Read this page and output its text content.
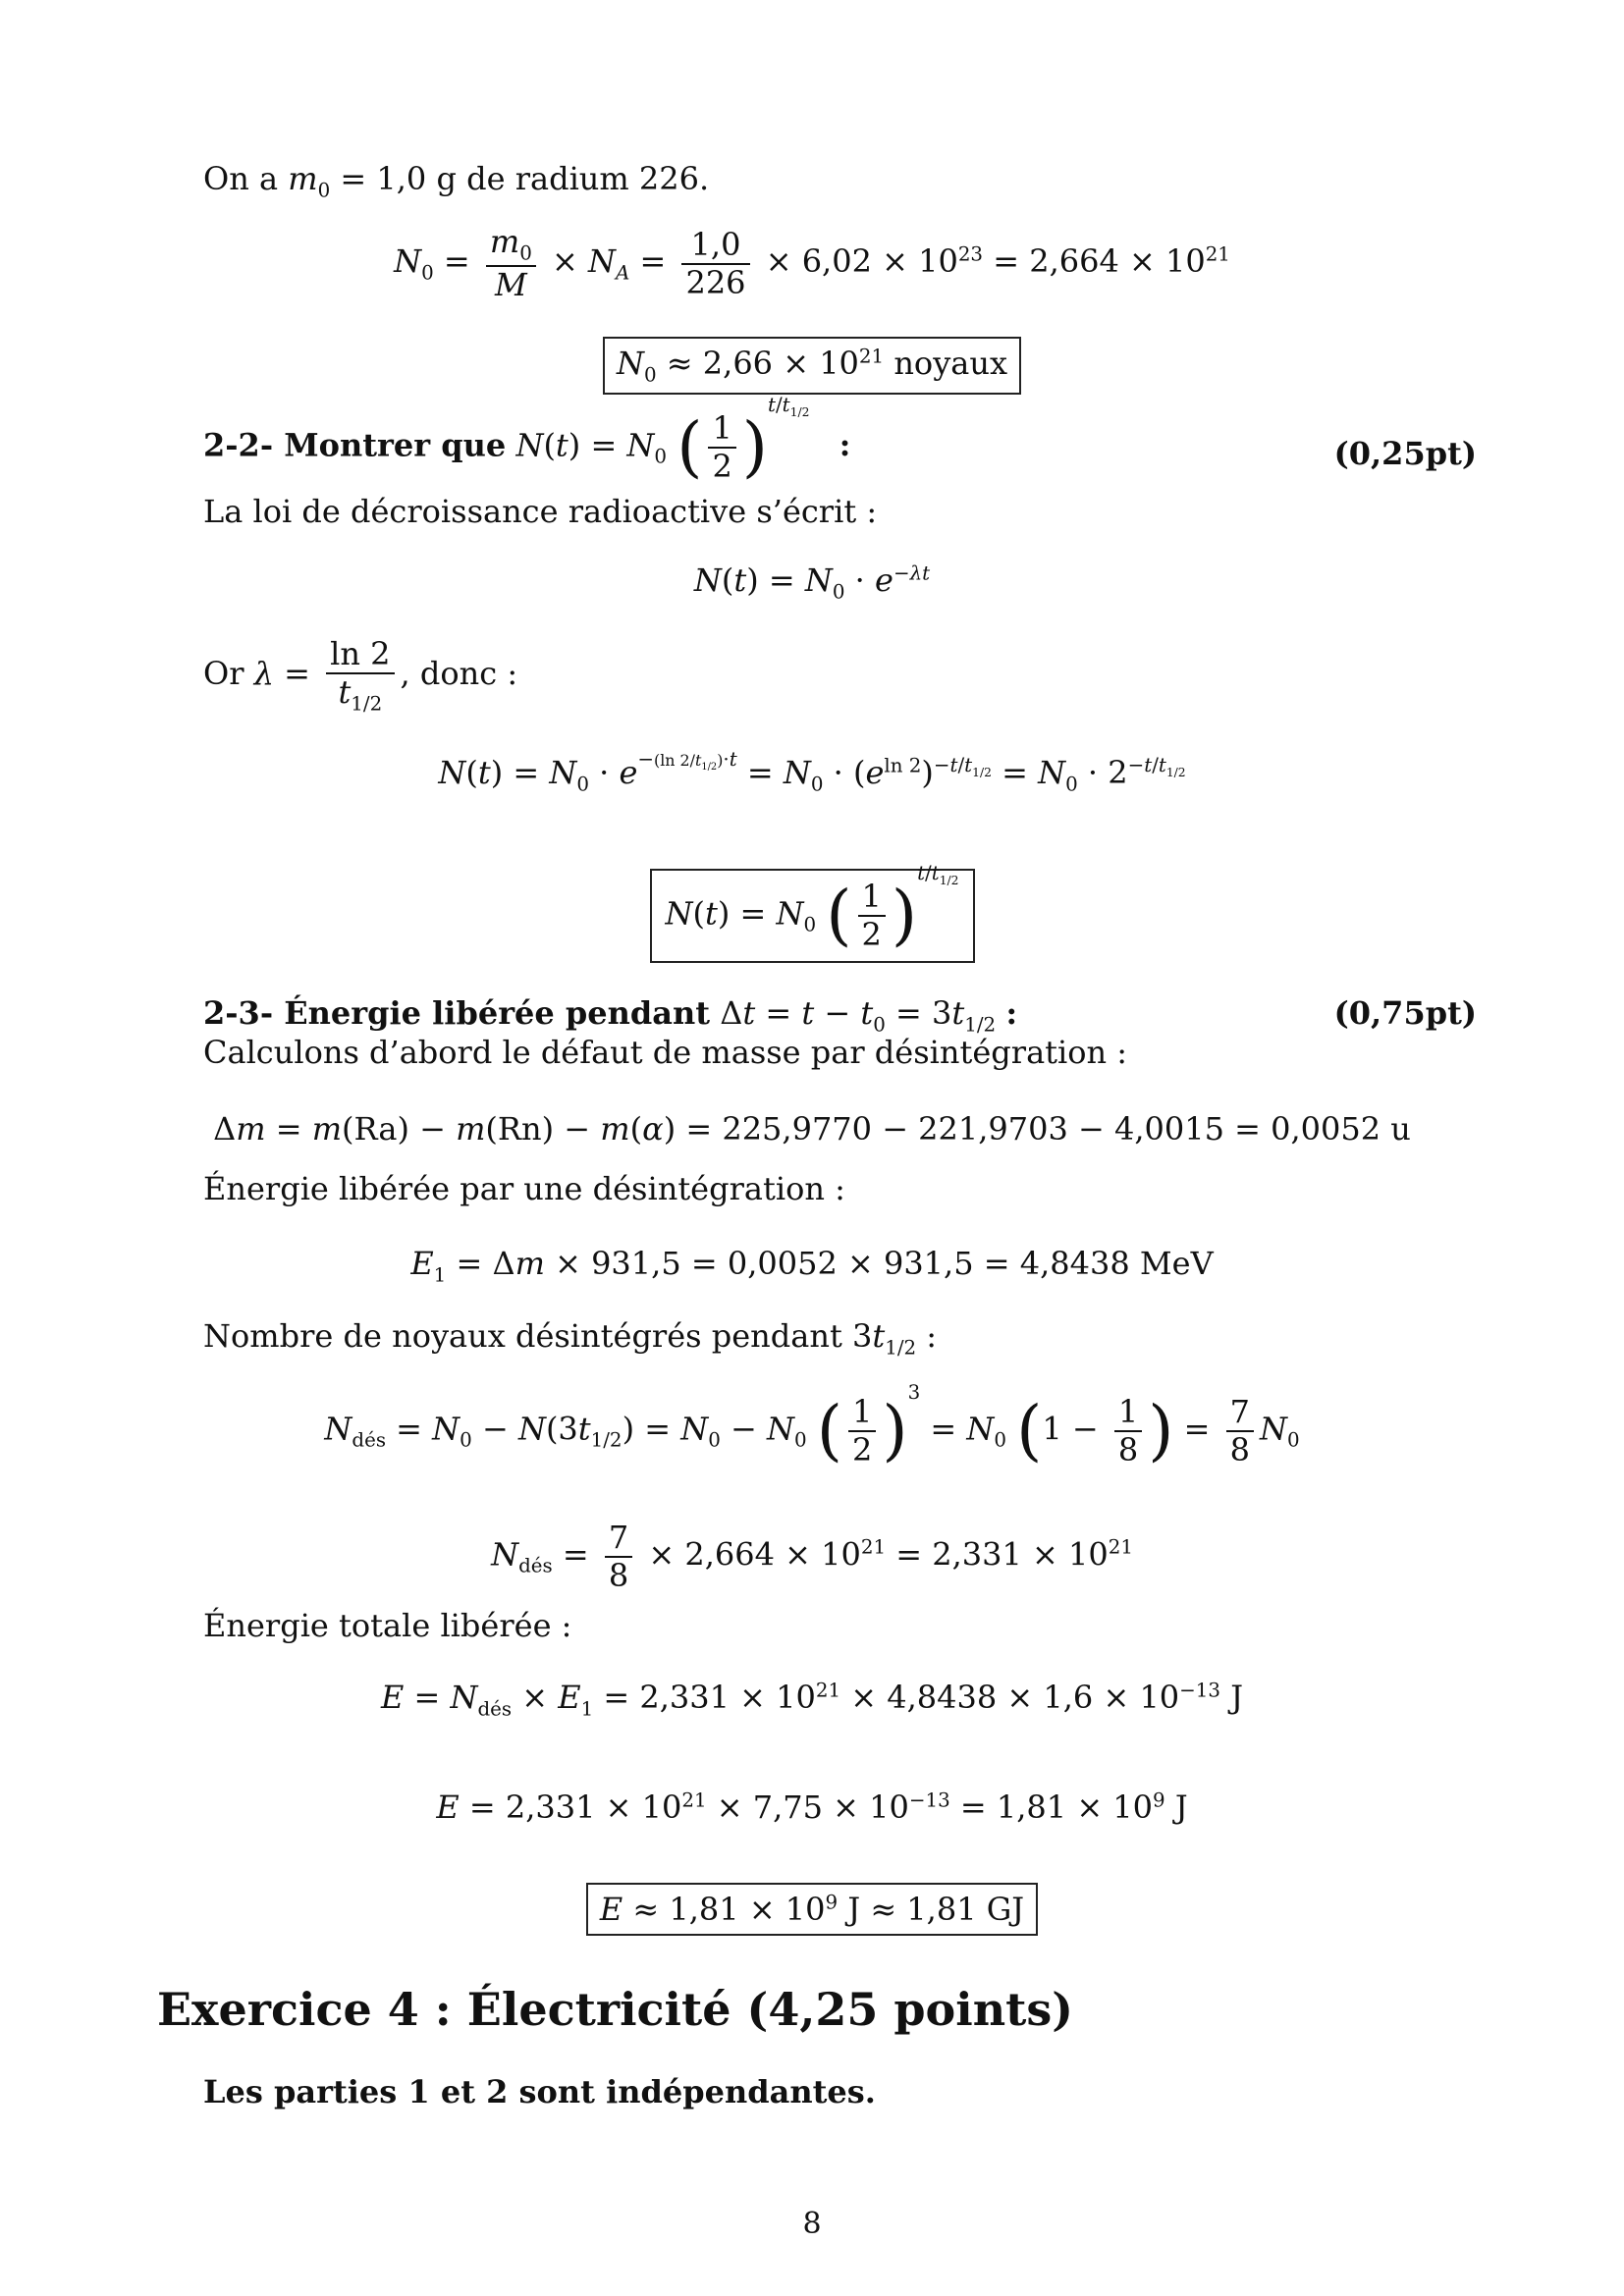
On a $m_0 = 1,0$ g de radium 226.
$N_0 = \frac{m_0}{M} \times N_A = \frac{1,0}{226} \times 6,02 \times 10^{23} = 2,664 \times 10^{21}$
$N_0 \approx 2,66 \times 10^{21}$ noyaux
2-2- Montrer que $N(t) = N_0$ ( $\frac{1}{2} )^{t/t_{1/2}}$ :	(0,25pt)
La loi de décroissance radioactive s’écrit :
$N(t) = N_0 \cdot e^{-\lambda t}$
Or $\lambda = \frac{\ln 2}{t_{1/2}}$ , donc :
$N(t) = N_0 \cdot e^{-(ln 2/t_{1/2})\cdot t} = N_0 \cdot (e^{ln 2})^{-t/t_{1/2}} = N_0 \cdot 2^{-t/t_{1/2}}$
$N(t) = N_0$ ( $\frac{1}{2} )^{t/t_{1/2}}$
2-3- Énergie libérée pendant $\Delta t = t - t_0 = 3t_{1/2}$ :	(0,75pt)
Calculons d’abord le défaut de masse par désintégration :
Δm = m(Ra) − m(Rn) − m(α) = 225,9770 − 221,9703 − 4,0015 = 0,0052 u
Énergie libérée par une désintégration :
$E_1 = \Delta m \times 931,5 = 0,0052 \times 931,5 = 4,8438$ MeV
Nombre de noyaux désintégrés pendant $3t_{1/2}$ :
$N_{dés} = N_0 - N(3t_{1/2}) = N_0 - N_0$ ( $\frac{1}{2} )^3 = N_0$ ($1 - \frac{1}{8}$ ) = $\frac{7}{8} N_0$
$N_{dés} = \frac{7}{8} \times 2,664 \times 10^{21} = 2,331 \times 10^{21}$
Énergie totale libérée :
$E = N_{dés} \times E_1 = 2,331 \times 10^{21} \times 4,8438 \times 1,6 \times 10^{-13}$ J
$E = 2,331 \times 10^{21} \times 7,75 \times 10^{-13} = 1,81 \times 10^9$ J
$E \approx 1,81 \times 10^9$ J ≈ 1,81 GJ
Exercice 4 : Électricité (4,25 points)
Les parties 1 et 2 sont indépendantes.
8
